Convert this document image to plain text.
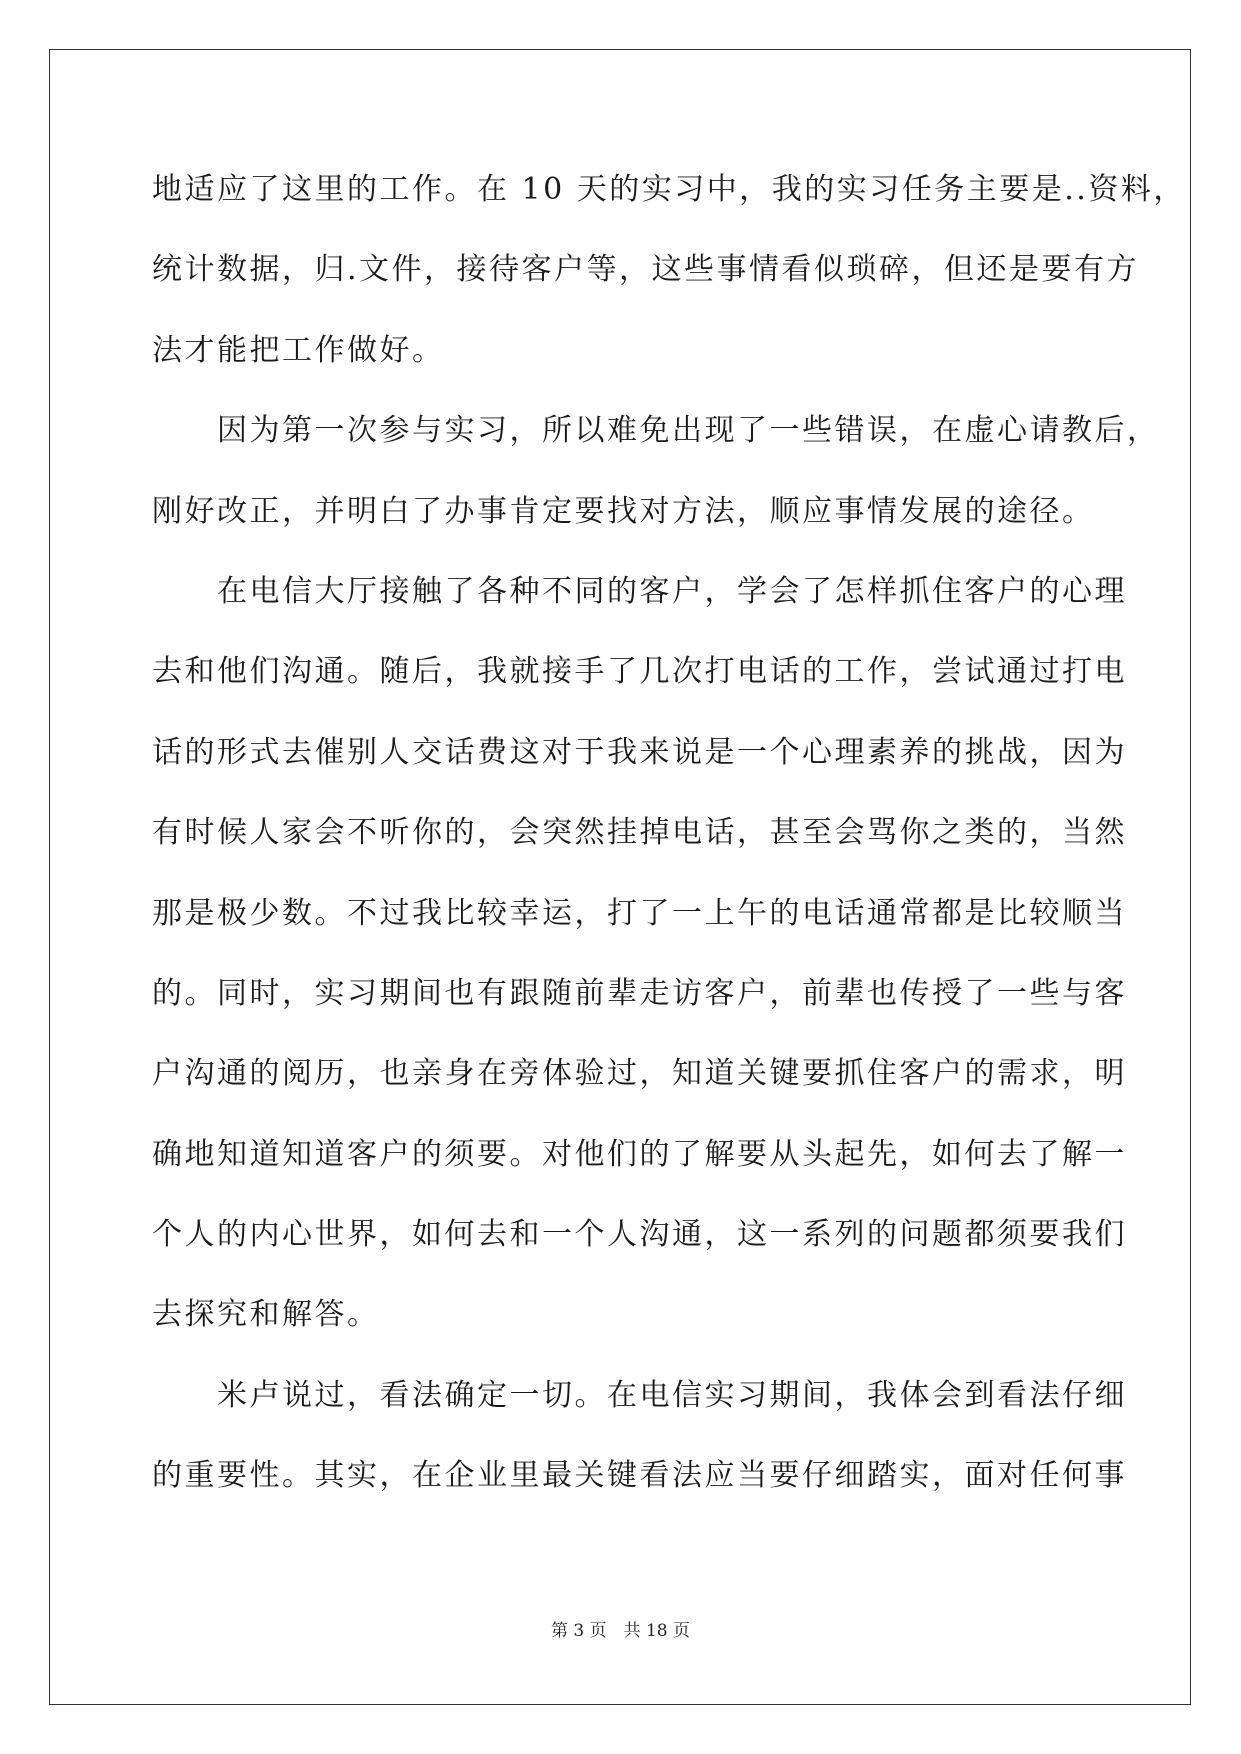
地适应了这里的工作。在 10 天的实习中，我的实习任务主要是..资料，
统计数据，归.文件，接待客户等，这些事情看似琐碎，但还是要有方
法才能把工作做好。
　　因为第一次参与实习，所以难免出现了一些错误，在虚心请教后，
刚好改正，并明白了办事肯定要找对方法，顺应事情发展的途径。
　　在电信大厅接触了各种不同的客户，学会了怎样抓住客户的心理
去和他们沟通。随后，我就接手了几次打电话的工作，尝试通过打电
话的形式去催别人交话费这对于我来说是一个心理素养的挑战，因为
有时候人家会不听你的，会突然挂掉电话，甚至会骂你之类的，当然
那是极少数。不过我比较幸运，打了一上午的电话通常都是比较顺当
的。同时，实习期间也有跟随前辈走访客户，前辈也传授了一些与客
户沟通的阅历，也亲身在旁体验过，知道关键要抓住客户的需求，明
确地知道知道客户的须要。对他们的了解要从头起先，如何去了解一
个人的内心世界，如何去和一个人沟通，这一系列的问题都须要我们
去探究和解答。
　　米卢说过，看法确定一切。在电信实习期间，我体会到看法仔细
的重要性。其实，在企业里最关键看法应当要仔细踏实，面对任何事
第 3 页　共 18 页
